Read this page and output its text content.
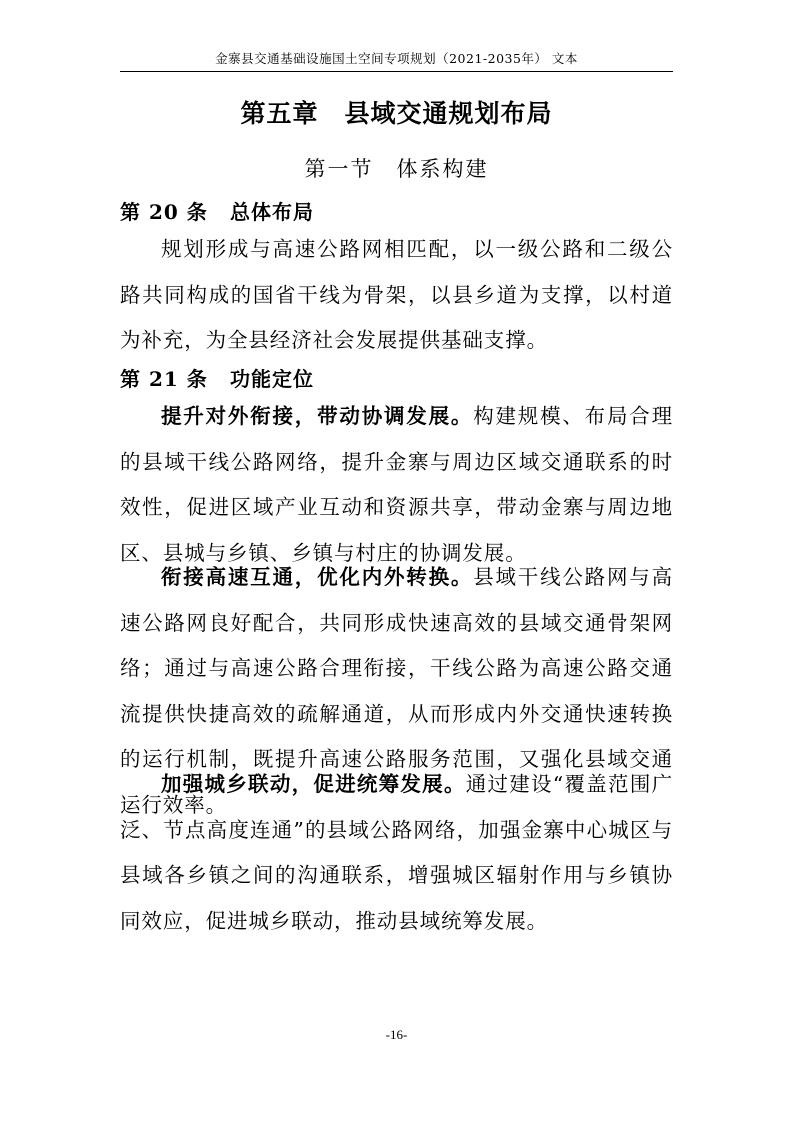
金寨县交通基础设施国土空间专项规划（2021-2035年） 文本
第五章　县域交通规划布局
第一节　体系构建
第 20 条 总体布局
规划形成与高速公路网相匹配，以一级公路和二级公路共同构成的国省干线为骨架，以县乡道为支撑，以村道为补充，为全县经济社会发展提供基础支撑。
第 21 条 功能定位
提升对外衔接，带动协调发展。构建规模、布局合理的县域干线公路网络，提升金寨与周边区域交通联系的时效性，促进区域产业互动和资源共享，带动金寨与周边地区、县城与乡镇、乡镇与村庄的协调发展。
衔接高速互通，优化内外转换。县域干线公路网与高速公路网良好配合，共同形成快速高效的县域交通骨架网络；通过与高速公路合理衔接，干线公路为高速公路交通流提供快捷高效的疏解通道，从而形成内外交通快速转换的运行机制，既提升高速公路服务范围，又强化县域交通运行效率。
加强城乡联动，促进统筹发展。通过建设“覆盖范围广泛、节点高度连通”的县域公路网络，加强金寨中心城区与县域各乡镇之间的沟通联系，增强城区辐射作用与乡镇协同效应，促进城乡联动，推动县域统筹发展。
-16-
